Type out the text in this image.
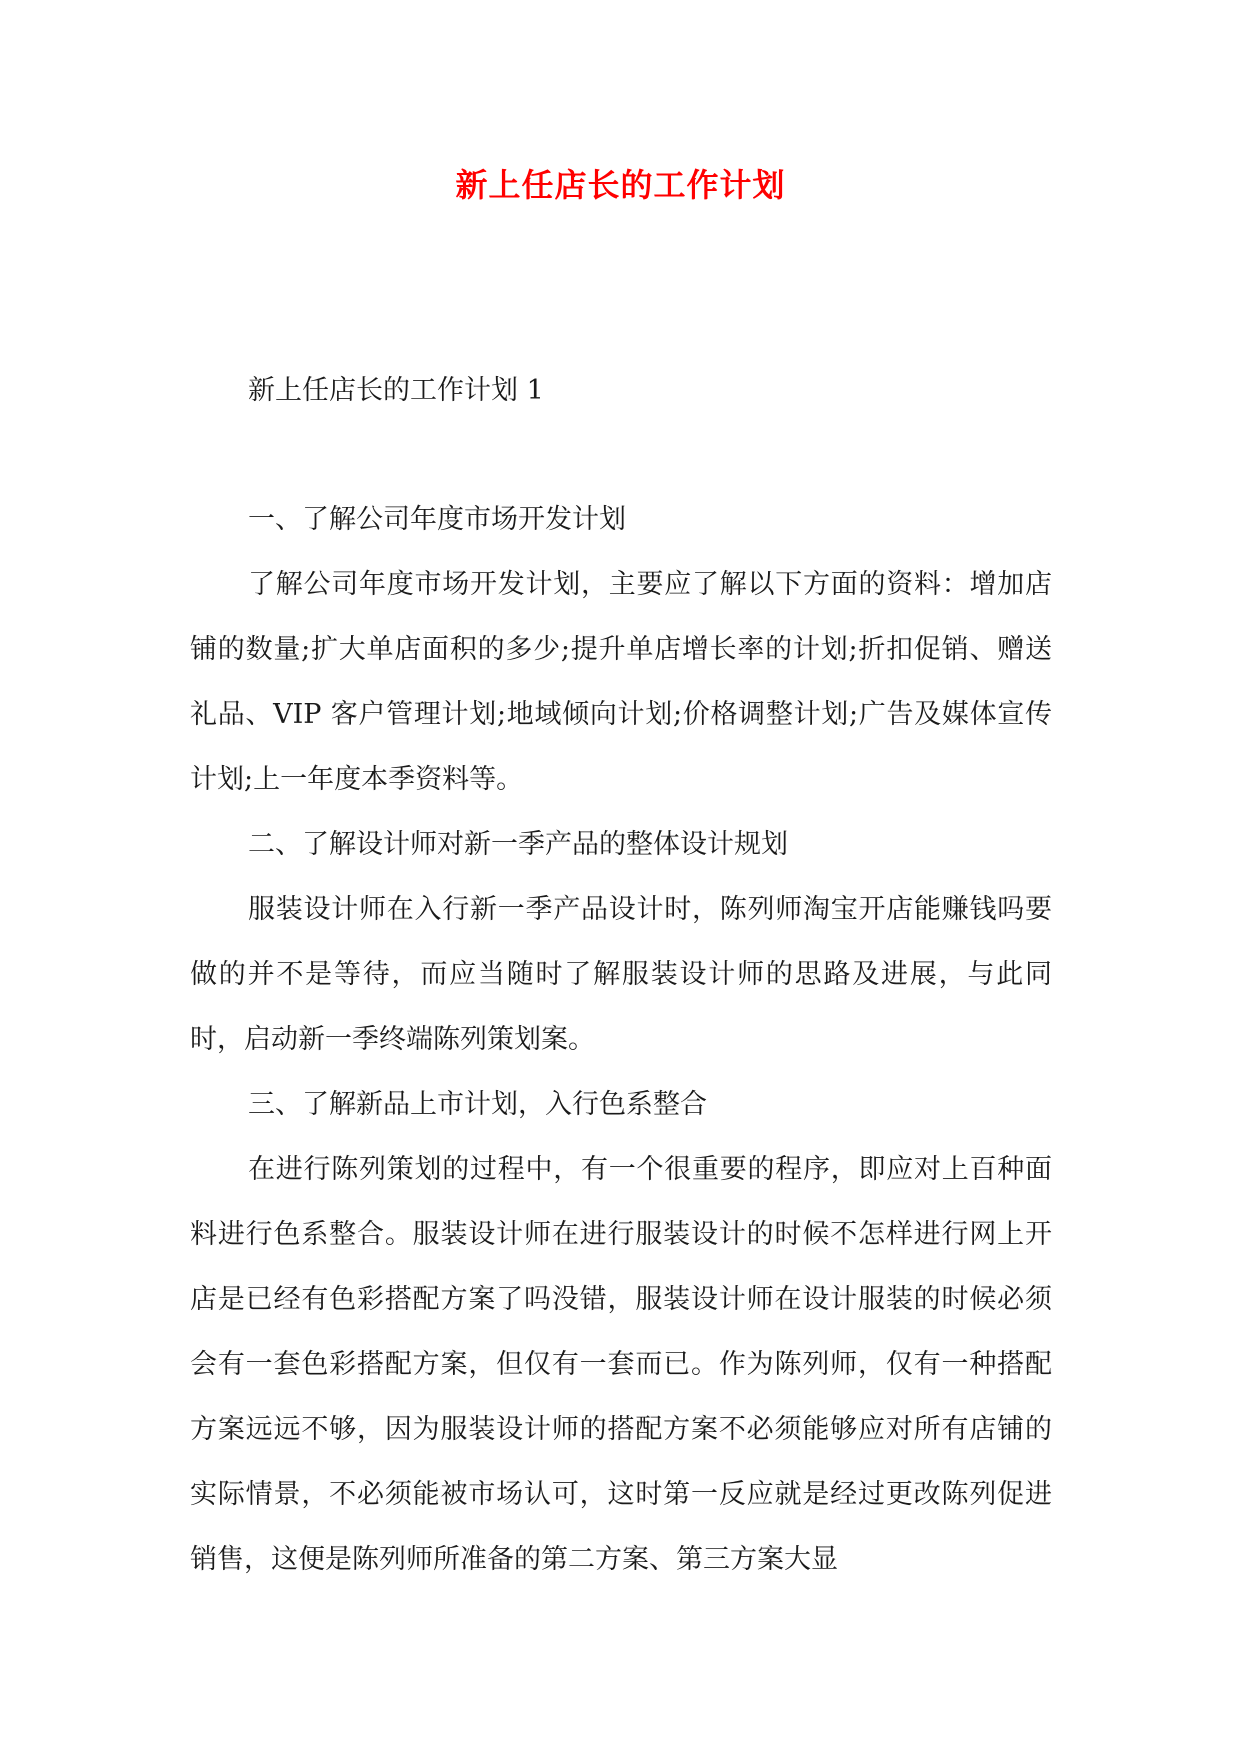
新上任店长的工作计划

新上任店长的工作计划 1

一、了解公司年度市场开发计划

了解公司年度市场开发计划，主要应了解以下方面的资料：增加店铺的数量;扩大单店面积的多少;提升单店增长率的计划;折扣促销、赠送礼品、VIP 客户管理计划;地域倾向计划;价格调整计划;广告及媒体宣传计划;上一年度本季资料等。

二、了解设计师对新一季产品的整体设计规划

服装设计师在入行新一季产品设计时，陈列师淘宝开店能赚钱吗要做的并不是等待，而应当随时了解服装设计师的思路及进展，与此同时，启动新一季终端陈列策划案。

三、了解新品上市计划，入行色系整合

在进行陈列策划的过程中，有一个很重要的程序，即应对上百种面料进行色系整合。服装设计师在进行服装设计的时候不怎样进行网上开店是已经有色彩搭配方案了吗没错，服装设计师在设计服装的时候必须会有一套色彩搭配方案，但仅有一套而已。作为陈列师，仅有一种搭配方案远远不够，因为服装设计师的搭配方案不必须能够应对所有店铺的实际情景，不必须能被市场认可，这时第一反应就是经过更改陈列促进销售，这便是陈列师所准备的第二方案、第三方案大显
